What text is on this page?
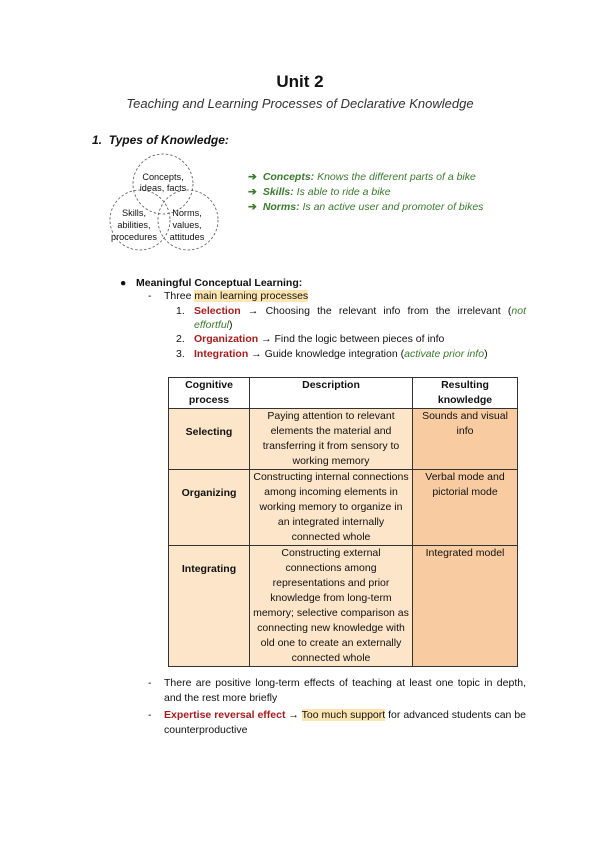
Unit 2
Teaching and Learning Processes of Declarative Knowledge
1. Types of Knowledge:
Concepts,
ideas, facts
Skills,
abilities,
procedures
Norms,
values,
attitudes
➔ Concepts: Knows the different parts of a bike
➔ Skills: Is able to ride a bike
➔ Norms: Is an active user and promoter of bikes
● Meaningful Conceptual Learning:
- Three main learning processes
1. Selection → Choosing the relevant info from the irrelevant (not effortful)
2. Organization → Find the logic between pieces of info
3. Integration → Guide knowledge integration (activate prior info)
Cognitive process	Description	Resulting knowledge
Selecting	Paying attention to relevant elements the material and transferring it from sensory to working memory	Sounds and visual info
Organizing	Constructing internal connections among incoming elements in working memory to organize in an integrated internally connected whole	Verbal mode and pictorial mode
Integrating	Constructing external connections among representations and prior knowledge from long-term memory; selective comparison as connecting new knowledge with old one to create an externally connected whole	Integrated model
-	There are positive long-term effects of teaching at least one topic in depth, and the rest more briefly
-	Expertise reversal effect → Too much support for advanced students can be counterproductive
